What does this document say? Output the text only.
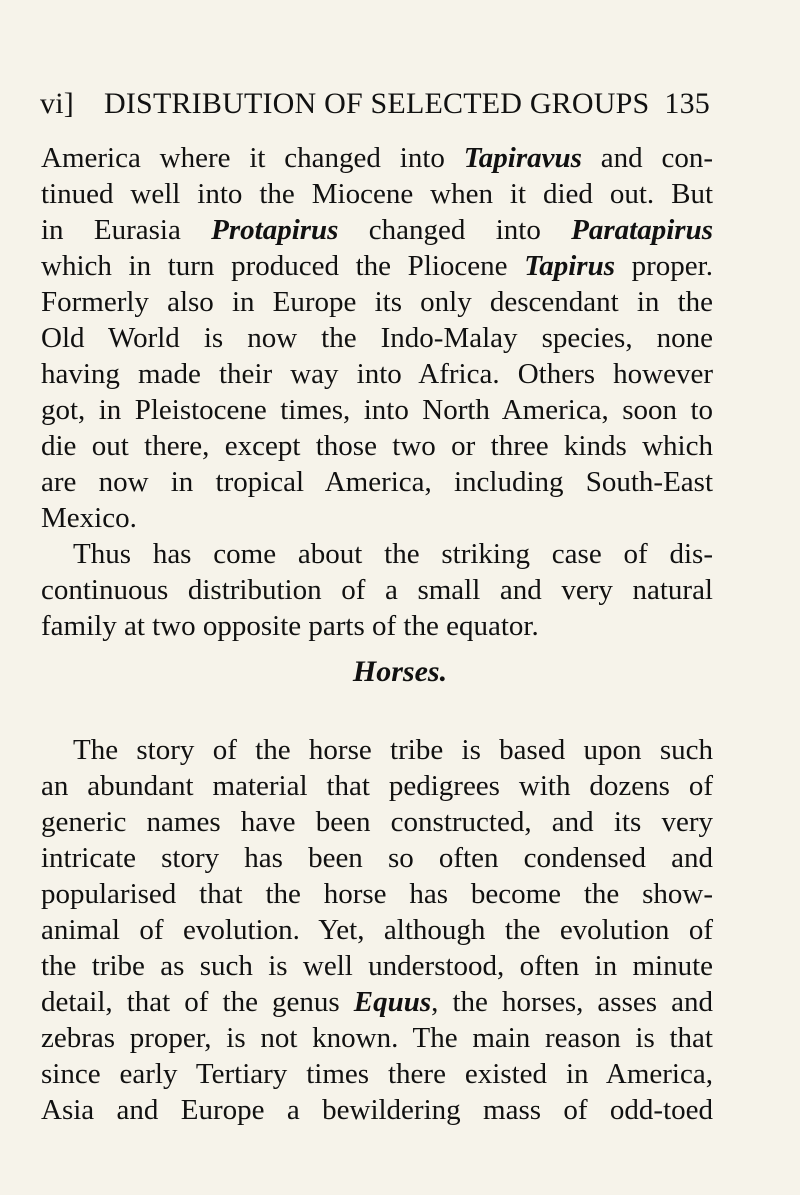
vi] DISTRIBUTION OF SELECTED GROUPS 135
America where it changed into Tapiravus and con-
tinued well into the Miocene when it died out. But
in Eurasia Protapirus changed into Paratapirus
which in turn produced the Pliocene Tapirus proper.
Formerly also in Europe its only descendant in the
Old World is now the Indo-Malay species, none
having made their way into Africa. Others however
got, in Pleistocene times, into North America, soon to
die out there, except those two or three kinds which
are now in tropical America, including South-East
Mexico.
Thus has come about the striking case of dis-
continuous distribution of a small and very natural
family at two opposite parts of the equator.
Horses.
The story of the horse tribe is based upon such
an abundant material that pedigrees with dozens of
generic names have been constructed, and its very
intricate story has been so often condensed and
popularised that the horse has become the show-
animal of evolution. Yet, although the evolution of
the tribe as such is well understood, often in minute
detail, that of the genus Equus, the horses, asses and
zebras proper, is not known. The main reason is that
since early Tertiary times there existed in America,
Asia and Europe a bewildering mass of odd-toed
